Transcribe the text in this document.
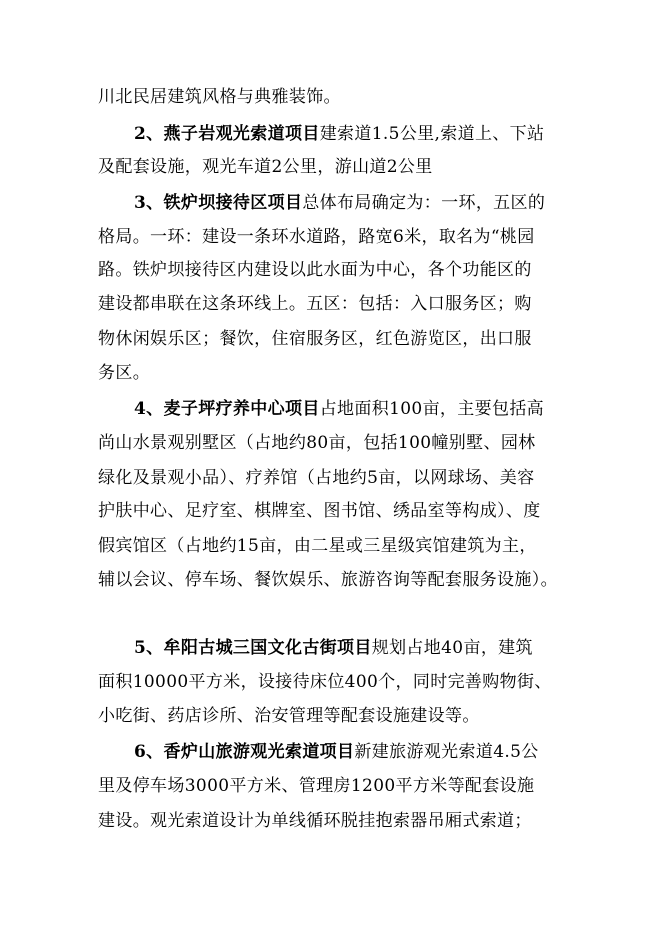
川北民居建筑风格与典雅装饰。
2、燕子岩观光索道项目建索道1.5公里,索道上、下站
及配套设施，观光车道2公里，游山道2公里
3、铁炉坝接待区项目总体布局确定为：一环，五区的
格局。一环：建设一条环水道路，路宽6米，取名为“桃园
路。铁炉坝接待区内建设以此水面为中心，各个功能区的
建设都串联在这条环线上。五区：包括：入口服务区；购
物休闲娱乐区；餐饮，住宿服务区，红色游览区，出口服
务区。
4、麦子坪疗养中心项目占地面积100亩，主要包括高
尚山水景观别墅区（占地约80亩，包括100幢别墅、园林
绿化及景观小品）、疗养馆（占地约5亩，以网球场、美容
护肤中心、足疗室、棋牌室、图书馆、绣品室等构成）、度
假宾馆区（占地约15亩，由二星或三星级宾馆建筑为主，
辅以会议、停车场、餐饮娱乐、旅游咨询等配套服务设施）。
5、牟阳古城三国文化古街项目规划占地40亩，建筑
面积10000平方米，设接待床位400个，同时完善购物街、
小吃街、药店诊所、治安管理等配套设施建设等。
6、香炉山旅游观光索道项目新建旅游观光索道4.5公
里及停车场3000平方米、管理房1200平方米等配套设施
建设。观光索道设计为单线循环脱挂抱索器吊厢式索道；
